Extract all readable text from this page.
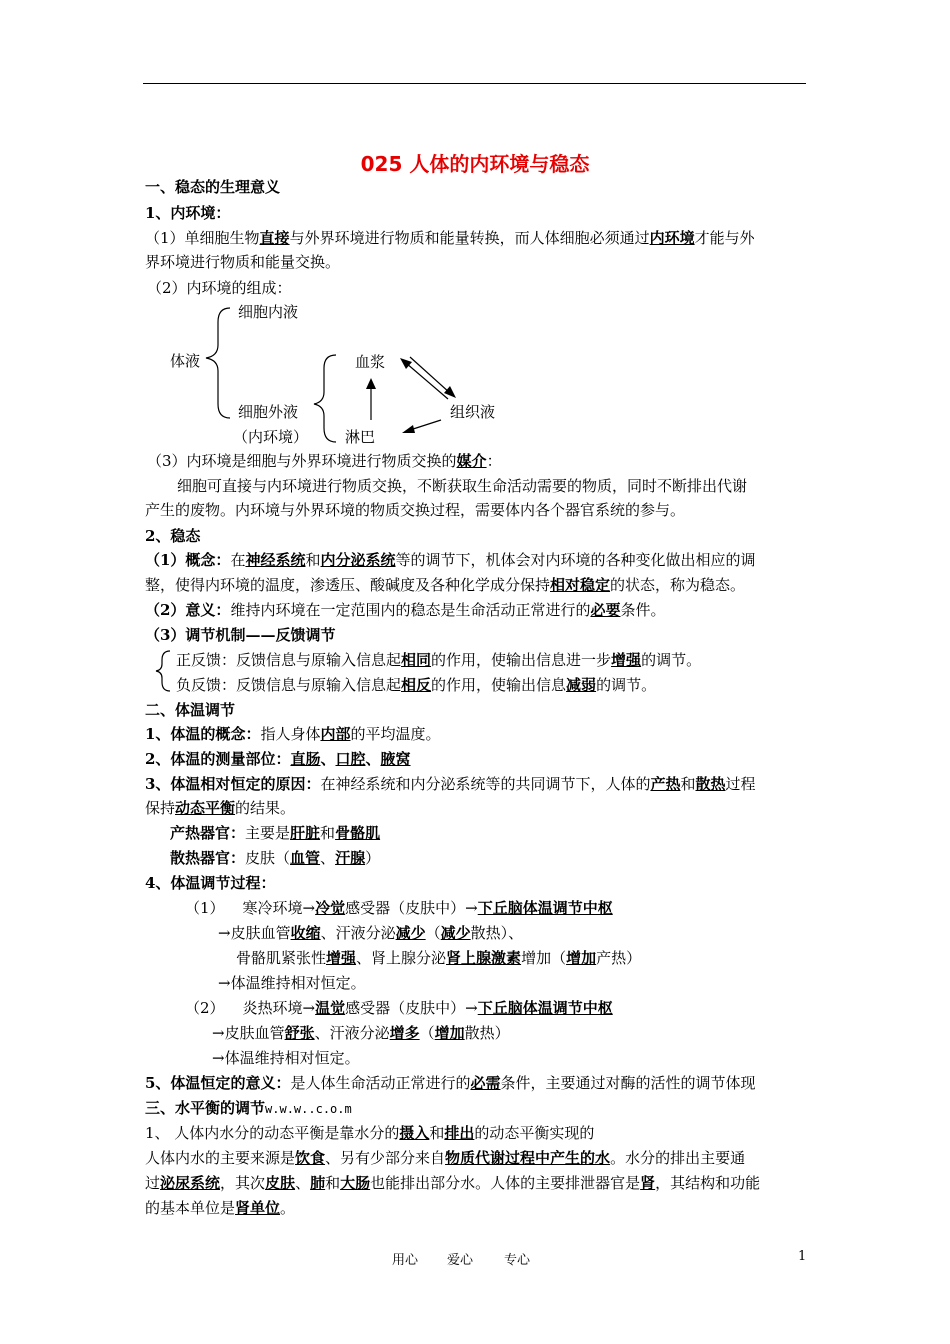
025 人体的内环境与稳态
一、稳态的生理意义
1、内环境：
（1）单细胞生物直接与外界环境进行物质和能量转换，而人体细胞必须通过内环境才能与外
界环境进行物质和能量交换。
（2）内环境的组成：
体液
细胞内液
细胞外液
（内环境）
血浆
组织液
淋巴
（3）内环境是细胞与外界环境进行物质交换的媒介：
细胞可直接与内环境进行物质交换，不断获取生命活动需要的物质，同时不断排出代谢
产生的废物。内环境与外界环境的物质交换过程，需要体内各个器官系统的参与。
2、稳态
（1）概念：在神经系统和内分泌系统等的调节下，机体会对内环境的各种变化做出相应的调
整，使得内环境的温度，渗透压、酸碱度及各种化学成分保持相对稳定的状态，称为稳态。
（2）意义：维持内环境在一定范围内的稳态是生命活动正常进行的必要条件。
（3）调节机制——反馈调节
正反馈：反馈信息与原输入信息起相同的作用，使输出信息进一步增强的调节。
负反馈：反馈信息与原输入信息起相反的作用，使输出信息减弱的调节。
二、体温调节
1、体温的概念：指人身体内部的平均温度。
2、体温的测量部位：直肠、口腔、腋窝
3、体温相对恒定的原因：在神经系统和内分泌系统等的共同调节下，人体的产热和散热过程
保持动态平衡的结果。
产热器官：主要是肝脏和骨骼肌
散热器官：皮肤（血管、汗腺）
4、体温调节过程：
（1） 寒冷环境→冷觉感受器（皮肤中）→下丘脑体温调节中枢
→皮肤血管收缩、汗液分泌减少（减少散热）、
骨骼肌紧张性增强、肾上腺分泌肾上腺激素增加（增加产热）
→体温维持相对恒定。
（2） 炎热环境→温觉感受器（皮肤中）→下丘脑体温调节中枢
→皮肤血管舒张、汗液分泌增多（增加散热）
→体温维持相对恒定。
5、体温恒定的意义：是人体生命活动正常进行的必需条件，主要通过对酶的活性的调节体现
三、水平衡的调节w.w.w..c.o.m
1、 人体内水分的动态平衡是靠水分的摄入和排出的动态平衡实现的
人体内水的主要来源是饮食、另有少部分来自物质代谢过程中产生的水。水分的排出主要通
过泌尿系统，其次皮肤、肺和大肠也能排出部分水。人体的主要排泄器官是肾，其结构和功能
的基本单位是肾单位。
用心 爱心 专心	1
